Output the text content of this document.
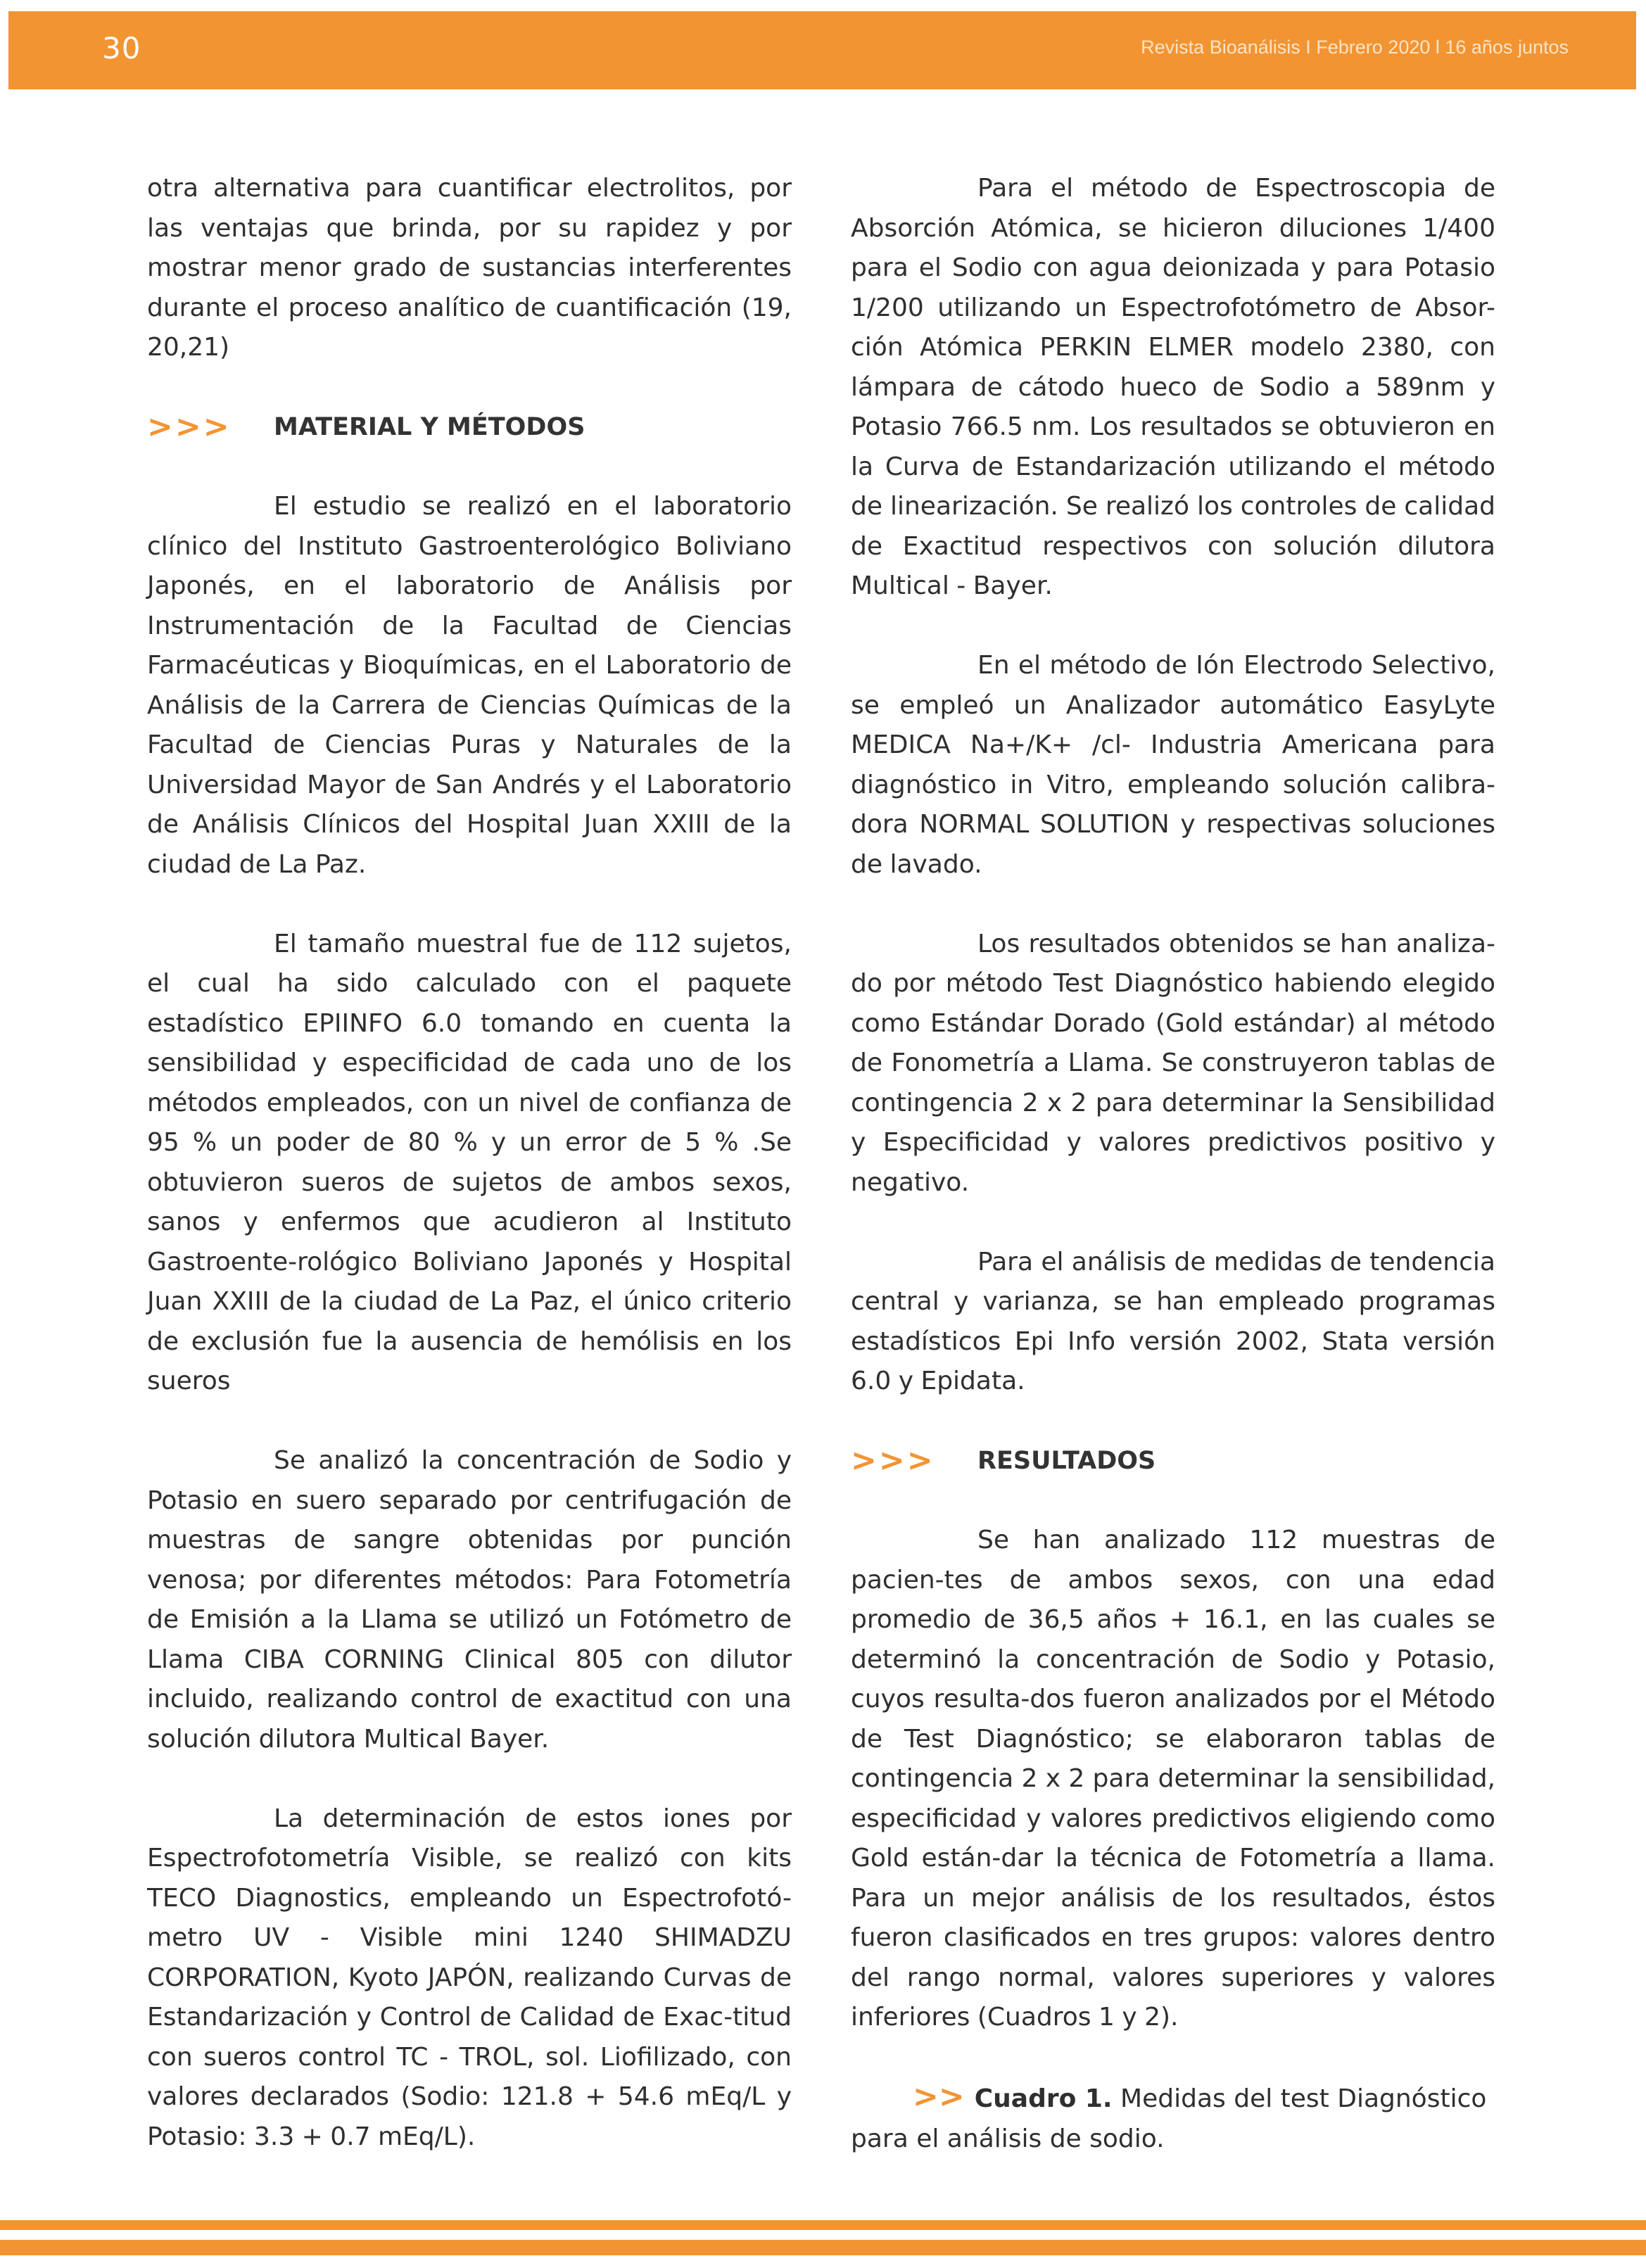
30	Revista Bioanálisis I Febrero 2020 l 16 años juntos

otra alternativa para cuantificar electrolitos, por las ventajas que brinda, por su rapidez y por mostrar menor grado de sustancias interferentes durante el proceso analítico de cuantificación (19, 20,21)

>>>	MATERIAL Y MÉTODOS

El estudio se realizó en el laboratorio clínico del Instituto Gastroenterológico Boliviano Japonés, en el laboratorio de Análisis por Instrumentación de la Facultad de Ciencias Farmacéuticas y Bioquímicas, en el Laboratorio de Análisis de la Carrera de Ciencias Químicas de la Facultad de Ciencias Puras y Naturales de la Universidad Mayor de San Andrés y el Laboratorio de Análisis Clínicos del Hospital Juan XXIII de la ciudad de La Paz.

El tamaño muestral fue de 112 sujetos, el cual ha sido calculado con el paquete estadístico EPIINFO 6.0 tomando en cuenta la sensibilidad y especificidad de cada uno de los métodos empleados, con un nivel de confianza de 95 % un poder de 80 % y un error de 5 % .Se obtuvieron sueros de sujetos de ambos sexos, sanos y enfermos que acudieron al Instituto Gastroente-rológico Boliviano Japonés y Hospital Juan XXIII de la ciudad de La Paz, el único criterio de exclusión fue la ausencia de hemólisis en los sueros

Se analizó la concentración de Sodio y Potasio en suero separado por centrifugación de muestras de sangre obtenidas por punción venosa; por diferentes métodos: Para Fotometría de Emisión a la Llama se utilizó un Fotómetro de Llama CIBA CORNING Clinical 805 con dilutor incluido, realizando control de exactitud con una solución dilutora Multical Bayer.

La determinación de estos iones por Espectrofotometría Visible, se realizó con kits TECO Diagnostics, empleando un Espectrofotó-metro UV - Visible mini 1240 SHIMADZU CORPORATION, Kyoto JAPÓN, realizando Curvas de Estandarización y Control de Calidad de Exac-titud con sueros control TC - TROL, sol. Liofilizado, con valores declarados (Sodio: 121.8 + 54.6 mEq/L y Potasio: 3.3 + 0.7 mEq/L).

Para el método de Espectroscopia de Absorción Atómica, se hicieron diluciones 1/400 para el Sodio con agua deionizada y para Potasio 1/200 utilizando un Espectrofotómetro de Absor-ción Atómica PERKIN ELMER modelo 2380, con lámpara de cátodo hueco de Sodio a 589nm y Potasio 766.5 nm. Los resultados se obtuvieron en la Curva de Estandarización utilizando el método de linearización. Se realizó los controles de calidad de Exactitud respectivos con solución dilutora Multical - Bayer.

En el método de Ión Electrodo Selectivo, se empleó un Analizador automático EasyLyte MEDICA Na+/K+ /cl- Industria Americana para diagnóstico in Vitro, empleando solución calibra-dora NORMAL SOLUTION y respectivas soluciones de lavado.

Los resultados obtenidos se han analiza-do por método Test Diagnóstico habiendo elegido como Estándar Dorado (Gold estándar) al método de Fonometría a Llama. Se construyeron tablas de contingencia 2 x 2 para determinar la Sensibilidad y Especificidad y valores predictivos positivo y negativo.

Para el análisis de medidas de tendencia central y varianza, se han empleado programas estadísticos Epi Info versión 2002, Stata versión 6.0 y Epidata.

>>>	RESULTADOS

Se han analizado 112 muestras de pacien-tes de ambos sexos, con una edad promedio de 36,5 años + 16.1, en las cuales se determinó la concentración de Sodio y Potasio, cuyos resulta-dos fueron analizados por el Método de Test Diagnóstico; se elaboraron tablas de contingencia 2 x 2 para determinar la sensibilidad, especificidad y valores predictivos eligiendo como Gold están-dar la técnica de Fotometría a llama. Para un mejor análisis de los resultados, éstos fueron clasificados en tres grupos: valores dentro del rango normal, valores superiores y valores inferiores (Cuadros 1 y 2).

>> Cuadro 1. Medidas del test Diagnóstico para el análisis de sodio.
